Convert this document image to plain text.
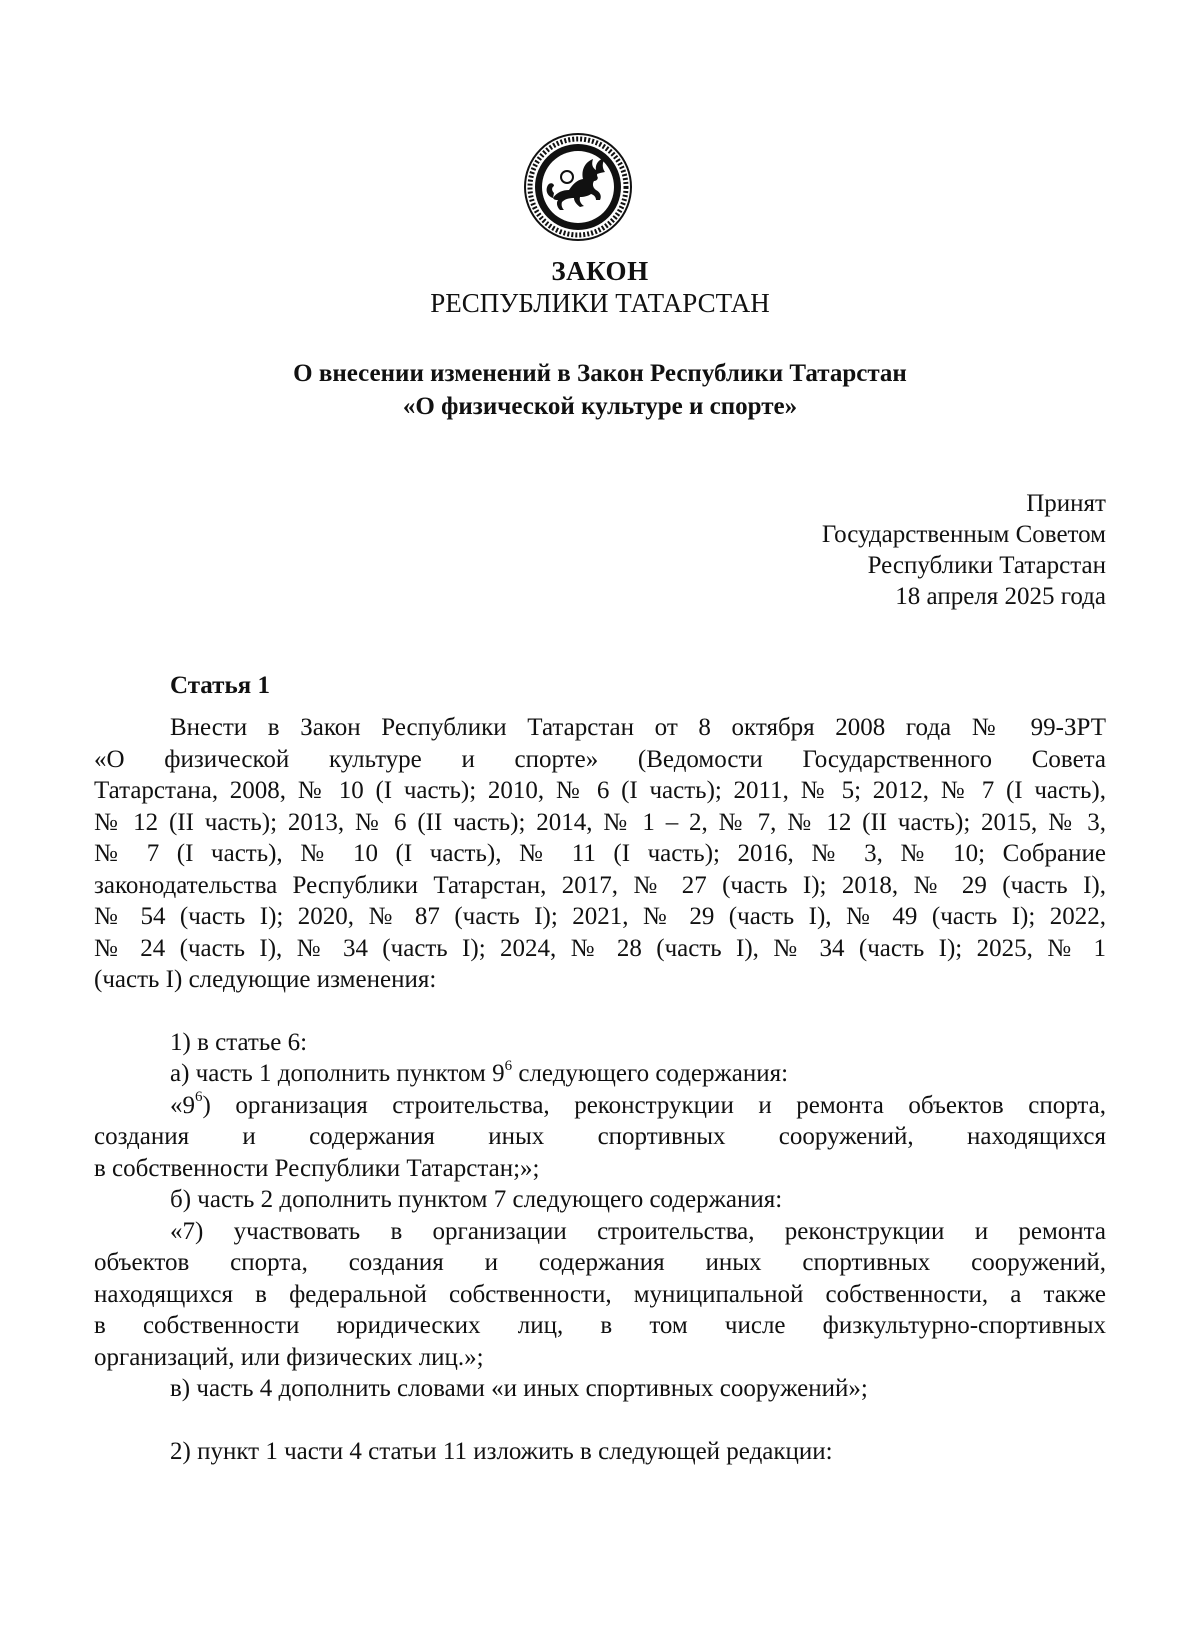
TATAPCTAH
ЗАКОН
РЕСПУБЛИКИ ТАТАРСТАН
О внесении изменений в Закон Республики Татарстан
«О физической культуре и спорте»
Принят
Государственным Советом
Республики Татарстан
18 апреля 2025 года
Статья 1

Внести в Закон Республики Татарстан от 8 октября 2008 года № 99-ЗРТ

«О физической культуре и спорте» (Ведомости Государственного Совета

Татарстана, 2008, № 10 (I часть); 2010, № 6 (I часть); 2011, № 5; 2012, № 7 (I часть),

№ 12 (II часть); 2013, № 6 (II часть); 2014, № 1 – 2, № 7, № 12 (II часть); 2015, № 3,

№ 7 (I часть), № 10 (I часть), № 11 (I часть); 2016, № 3, № 10; Собрание

законодательства Республики Татарстан, 2017, № 27 (часть I); 2018, № 29 (часть I),

№ 54 (часть I); 2020, № 87 (часть I); 2021, № 29 (часть I), № 49 (часть I); 2022,

№ 24 (часть I), № 34 (часть I); 2024, № 28 (часть I), № 34 (часть I); 2025, № 1

(часть I) следующие изменения:

1) в статье 6:

а) часть 1 дополнить пунктом $9^6$ следующего содержания:

«$9^6$) организация строительства, реконструкции и ремонта объектов спорта,

создания и содержания иных спортивных сооружений, находящихся

в собственности Республики Татарстан;»;

б) часть 2 дополнить пунктом 7 следующего содержания:

«7) участвовать в организации строительства, реконструкции и ремонта

объектов спорта, создания и содержания иных спортивных сооружений,

находящихся в федеральной собственности, муниципальной собственности, а также

в собственности юридических лиц, в том числе физкультурно-спортивных

организаций, или физических лиц.»;

в) часть 4 дополнить словами «и иных спортивных сооружений»;

2) пункт 1 части 4 статьи 11 изложить в следующей редакции:
